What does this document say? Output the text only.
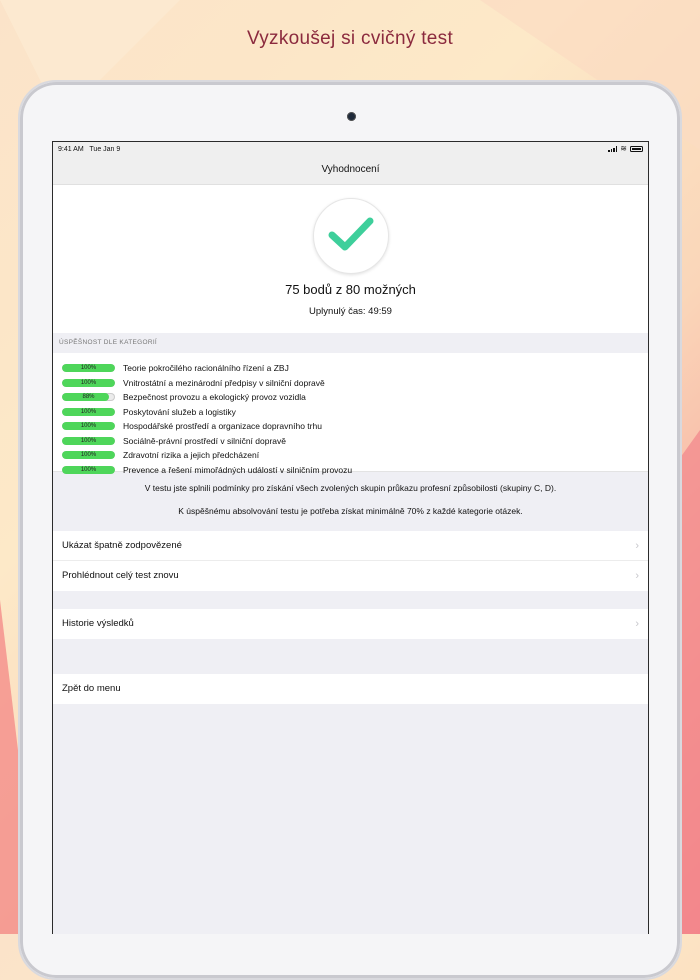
Vyzkoušej si cvičný test
9:41 AM Tue Jan 9	≋
Vyhodnocení
75 bodů z 80 možných
Uplynulý čas: 49:59
ÚSPĚŠNOST DLE KATEGORIÍ
100%	Teorie pokročilého racionálního řízení a ZBJ
100%	Vnitrostátní a mezinárodní předpisy v silniční dopravě
88%	Bezpečnost provozu a ekologický provoz vozidla
100%	Poskytování služeb a logistiky
100%	Hospodářské prostředí a organizace dopravního trhu
100%	Sociálně-právní prostředí v silniční dopravě
100%	Zdravotní rizika a jejich předcházení
100%	Prevence a řešení mimořádných událostí v silničním provozu

V testu jste splnili podmínky pro získání všech zvolených skupin průkazu profesní způsobilosti (skupiny C, D).

K úspěšnému absolvování testu je potřeba získat minimálně 70% z každé kategorie otázek.

Ukázat špatně zodpovězené	›
Prohlédnout celý test znovu	›
Historie výsledků	›
Zpět do menu
